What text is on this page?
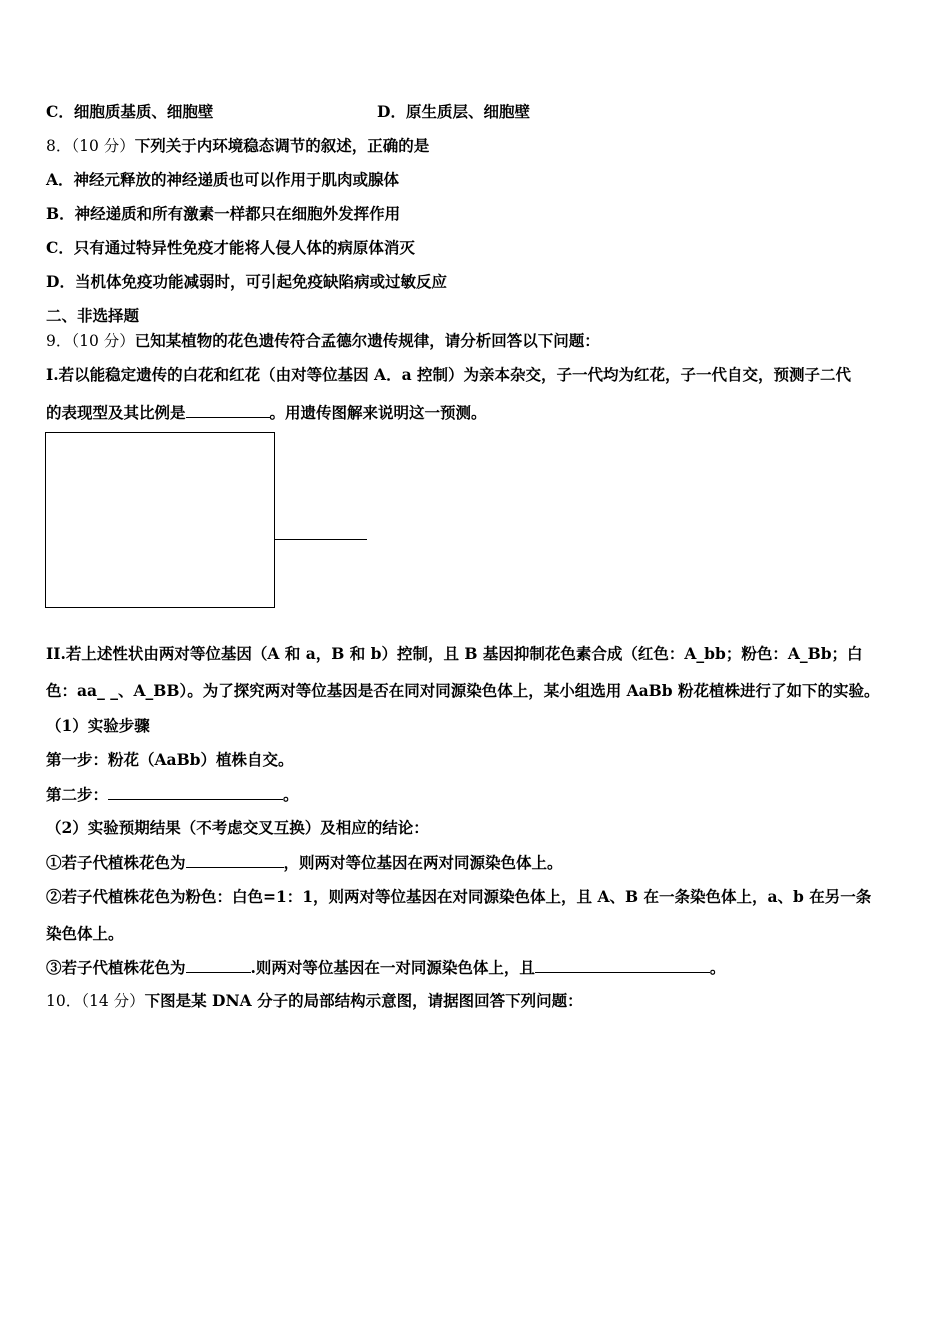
C．细胞质基质、细胞壁	D．原生质层、细胞壁
8．（10 分）下列关于内环境稳态调节的叙述，正确的是
A．神经元释放的神经递质也可以作用于肌肉或腺体
B．神经递质和所有激素一样都只在细胞外发挥作用
C．只有通过特异性免疫才能将人侵人体的病原体消灭
D．当机体免疫功能减弱时，可引起免疫缺陷病或过敏反应
二、非选择题
9．（10 分）已知某植物的花色遗传符合孟德尔遗传规律，请分析回答以下问题：
I.若以能稳定遗传的白花和红花（由对等位基因 A．a 控制）为亲本杂交，子一代均为红花，子一代自交，预测子二代
的表现型及其比例是	。用遗传图解来说明这一预测。
II.若上述性状由两对等位基因（A 和 a，B 和 b）控制，且 B 基因抑制花色素合成（红色：A_bb；粉色：A_Bb；白
色：aa_ _、A_BB）。为了探究两对等位基因是否在同对同源染色体上，某小组选用 AaBb 粉花植株进行了如下的实验。
（1）实验步骤
第一步：粉花（AaBb）植株自交。
第二步：	。
（2）实验预期结果（不考虑交叉互换）及相应的结论：
①若子代植株花色为	，则两对等位基因在两对同源染色体上。
②若子代植株花色为粉色：白色=1：1，则两对等位基因在对同源染色体上，且 A、B 在一条染色体上，a、b 在另一条
染色体上。
③若子代植株花色为	.则两对等位基因在一对同源染色体上，且	。
10．（14 分）下图是某 DNA 分子的局部结构示意图，请据图回答下列问题：
